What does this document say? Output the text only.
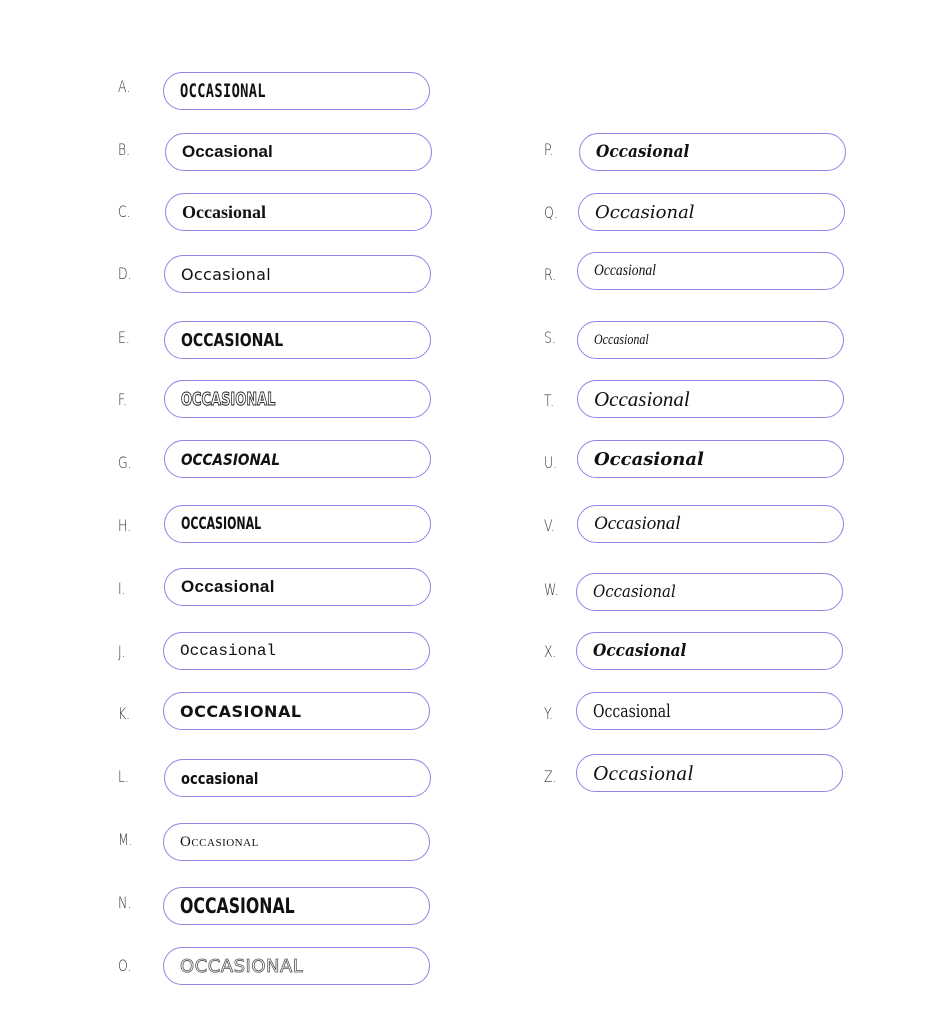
A.	OCCASIONAL
B.	Occasional
C.	Occasional
D.	Occasional
E.	OCCASIONAL
F.	OCCASIONAL
G.	OCCASIONAL
H.	OCCASIONAL
I.	Occasional
J.	Occasional
K.	OCCASIONAL
L.	occasional
M.	Occasional
N. OCCASIONAL
O.	OCCASIONAL
P. Occasional
Q. Occasional
R. Occasional
S.	Occasional
T. Occasional
U. Occasional
V. Occasional
W. Occasional
X. Occasional
Y. Occasional
Z. Occasional
